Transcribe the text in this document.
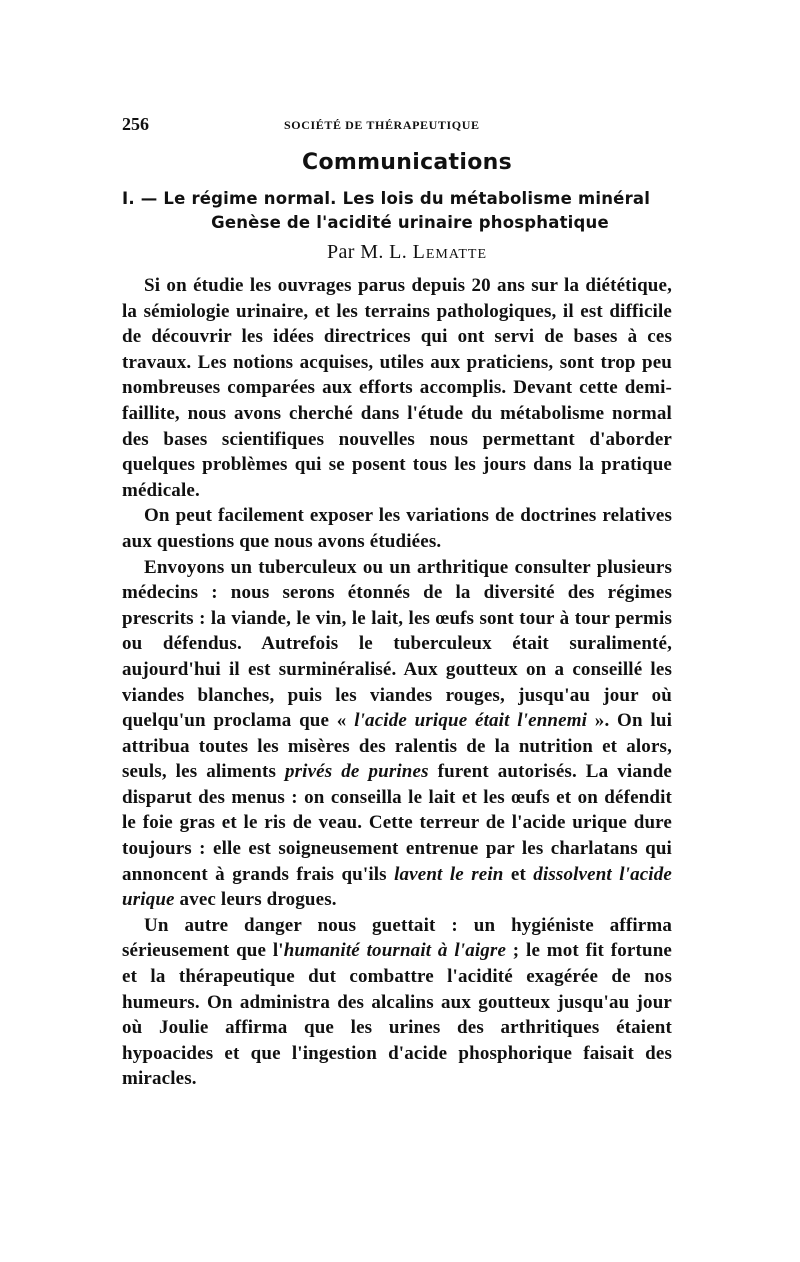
256	SOCIÉTÉ DE THÉRAPEUTIQUE
Communications
I. — Le régime normal. Les lois du métabolisme minéral
Genèse de l'acidité urinaire phosphatique
Par M. L. Lematte

Si on étudie les ouvrages parus depuis 20 ans sur la diététique, la sémiologie urinaire, et les terrains pathologiques, il est difficile de découvrir les idées directrices qui ont servi de bases à ces travaux. Les notions acquises, utiles aux praticiens, sont trop peu nombreuses comparées aux efforts accomplis. Devant cette demi-faillite, nous avons cherché dans l'étude du métabolisme normal des bases scientifiques nouvelles nous permettant d'aborder quelques problèmes qui se posent tous les jours dans la pratique médicale.

On peut facilement exposer les variations de doctrines relatives aux questions que nous avons étudiées.

Envoyons un tuberculeux ou un arthritique consulter plusieurs médecins : nous serons étonnés de la diversité des régimes prescrits : la viande, le vin, le lait, les œufs sont tour à tour permis ou défendus. Autrefois le tuberculeux était suralimenté, aujourd'hui il est surminéralisé. Aux goutteux on a conseillé les viandes blanches, puis les viandes rouges, jusqu'au jour où quelqu'un proclama que « l'acide urique était l'ennemi ». On lui attribua toutes les misères des ralentis de la nutrition et alors, seuls, les aliments privés de purines furent autorisés. La viande disparut des menus : on conseilla le lait et les œufs et on défendit le foie gras et le ris de veau. Cette terreur de l'acide urique dure toujours : elle est soigneusement entrenue par les charlatans qui annoncent à grands frais qu'ils lavent le rein et dissolvent l'acide urique avec leurs drogues.

Un autre danger nous guettait : un hygiéniste affirma sérieusement que l'humanité tournait à l'aigre ; le mot fit fortune et la thérapeutique dut combattre l'acidité exagérée de nos humeurs. On administra des alcalins aux goutteux jusqu'au jour où Joulie affirma que les urines des arthritiques étaient hypoacides et que l'ingestion d'acide phosphorique faisait des miracles.
